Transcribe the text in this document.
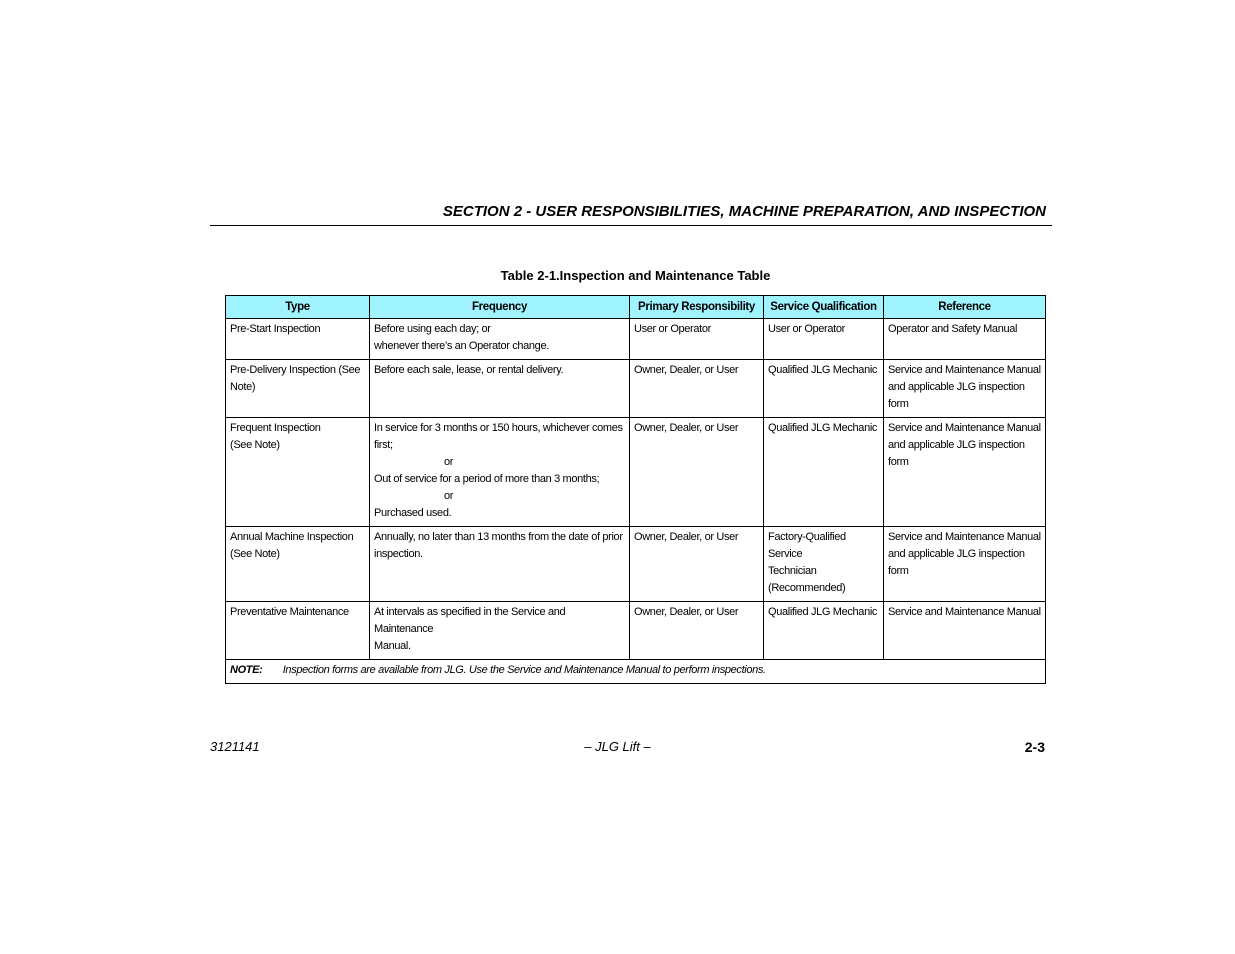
SECTION 2 - USER RESPONSIBILITIES, MACHINE PREPARATION, AND INSPECTION
Table 2-1.Inspection and Maintenance Table
Type	Frequency	Primary Responsibility	Service Qualification	Reference

Pre-Start Inspection	Before using each day; or
whenever there’s an Operator change.	User or Operator	User or Operator	Operator and Safety Manual

Pre-Delivery Inspection (See
Note)	Before each sale, lease, or rental delivery.	Owner, Dealer, or User	Qualified JLG Mechanic	Service and Maintenance Manual
and applicable JLG inspection form

Frequent Inspection
(See Note)	In service for 3 months or 150 hours, whichever comes first;
or
Out of service for a period of more than 3 months;
or
Purchased used.	Owner, Dealer, or User	Qualified JLG Mechanic	Service and Maintenance Manual
and applicable JLG inspection form

Annual Machine Inspection
(See Note)	Annually, no later than 13 months from the date of prior
inspection.	Owner, Dealer, or User	Factory-Qualified Service
Technician
(Recommended)	Service and Maintenance Manual
and applicable JLG inspection form

Preventative Maintenance	At intervals as specified in the Service and Maintenance
Manual.	Owner, Dealer, or User	Qualified JLG Mechanic	Service and Maintenance Manual

NOTE: Inspection forms are available from JLG. Use the Service and Maintenance Manual to perform inspections.				
3121141	– JLG Lift –	2-3
